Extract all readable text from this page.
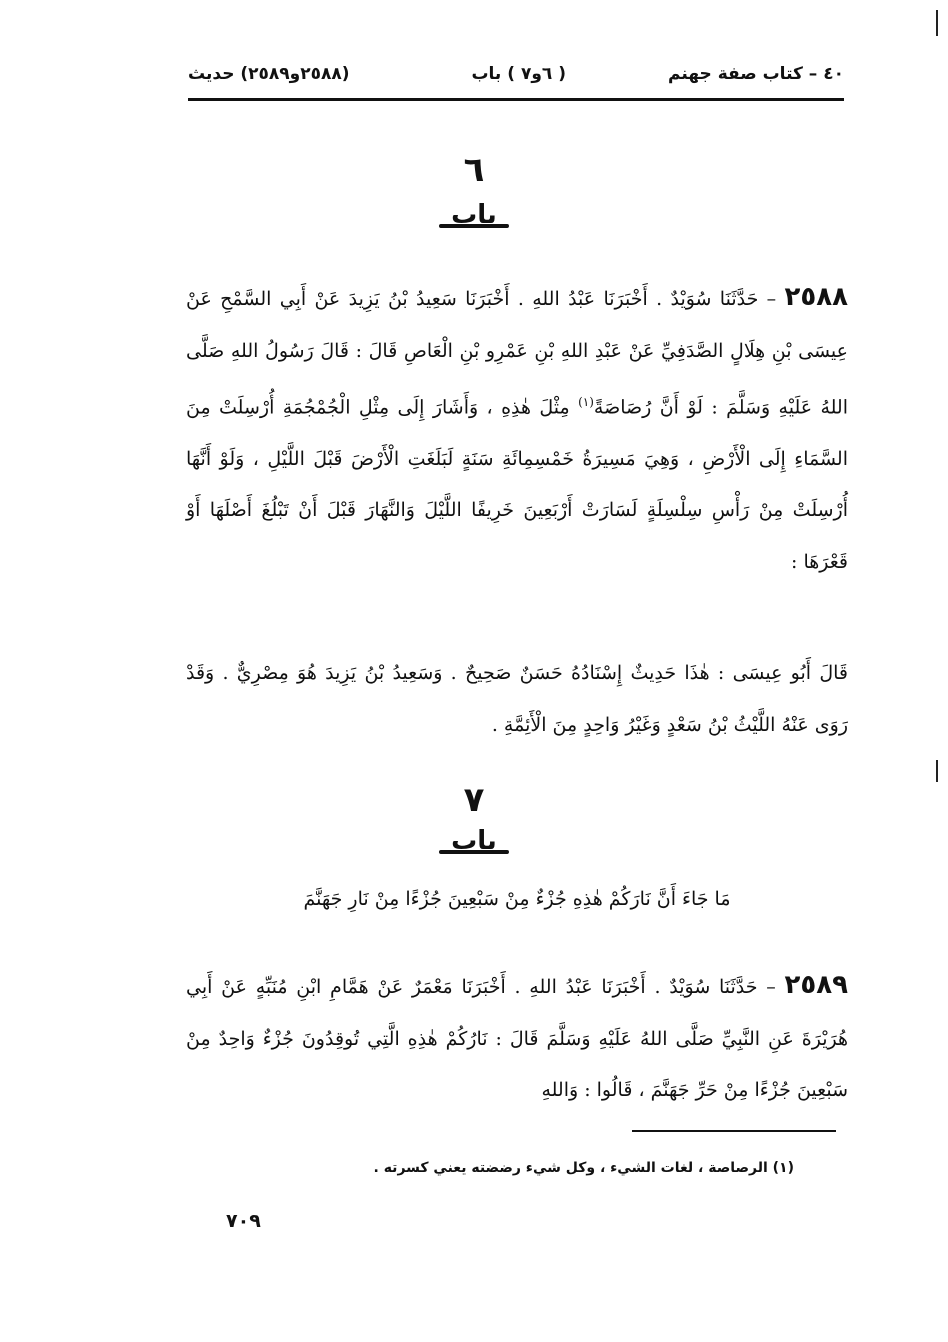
٤٠ – كتاب صفة جهنم
( ٦و٧ ) باب
(٢٥٨٨و٢٥٨٩) حديث
٦
باب

٢٥٨٨ – حَدَّثَنَا سُوَيْدٌ . أَخْبَرَنَا عَبْدُ اللهِ . أَخْبَرَنَا سَعِيدُ بْنُ يَزِيدَ عَنْ أَبِي السَّمْحِ عَنْ عِيسَى بْنِ هِلَالٍ الصَّدَفِيِّ عَنْ عَبْدِ اللهِ بْنِ عَمْرِو بْنِ الْعَاصِ قَالَ : قَالَ رَسُولُ اللهِ صَلَّى اللهُ عَلَيْهِ وَسَلَّمَ : لَوْ أَنَّ رُصَاصَةً$^{(١)}$ مِثْلَ هٰذِهِ ، وَأَشَارَ إِلَى مِثْلِ الْجُمْجُمَةِ أُرْسِلَتْ مِنَ السَّمَاءِ إِلَى الْأَرْضِ ، وَهِيَ مَسِيرَةُ خَمْسِمِائَةِ سَنَةٍ لَبَلَغَتِ الْأَرْضَ قَبْلَ اللَّيْلِ ، وَلَوْ أَنَّهَا أُرْسِلَتْ مِنْ رَأْسِ سِلْسِلَةٍ لَسَارَتْ أَرْبَعِينَ خَرِيفًا اللَّيْلَ وَالنَّهَارَ قَبْلَ أَنْ تَبْلُغَ أَصْلَهَا أَوْ قَعْرَهَا :

قَالَ أَبُو عِيسَى : هٰذَا حَدِيثٌ إِسْنَادُهُ حَسَنٌ صَحِيحٌ . وَسَعِيدُ بْنُ يَزِيدَ هُوَ مِصْرِيٌّ . وَقَدْ رَوَى عَنْهُ اللَّيْثُ بْنُ سَعْدٍ وَغَيْرُ وَاحِدٍ مِنَ الْأَئِمَّةِ .

٧
باب
مَا جَاءَ أَنَّ نَارَكُمْ هٰذِهِ جُزْءٌ مِنْ سَبْعِينَ جُزْءًا مِنْ نَارِ جَهَنَّمَ

٢٥٨٩ – حَدَّثَنَا سُوَيْدٌ . أَخْبَرَنَا عَبْدُ اللهِ . أَخْبَرَنَا مَعْمَرٌ عَنْ هَمَّامِ ابْنِ مُنَبِّهٍ عَنْ أَبِي هُرَيْرَةَ عَنِ النَّبِيِّ صَلَّى اللهُ عَلَيْهِ وَسَلَّمَ قَالَ : نَارُكُمْ هٰذِهِ الَّتِي تُوقِدُونَ جُزْءٌ وَاحِدٌ مِنْ سَبْعِينَ جُزْءًا مِنْ حَرِّ جَهَنَّمَ ، قَالُوا : وَاللهِ

(١) الرصاصة ، لغات الشيء ، وكل شيء رضضته يعني كسرته .
٧٠٩
